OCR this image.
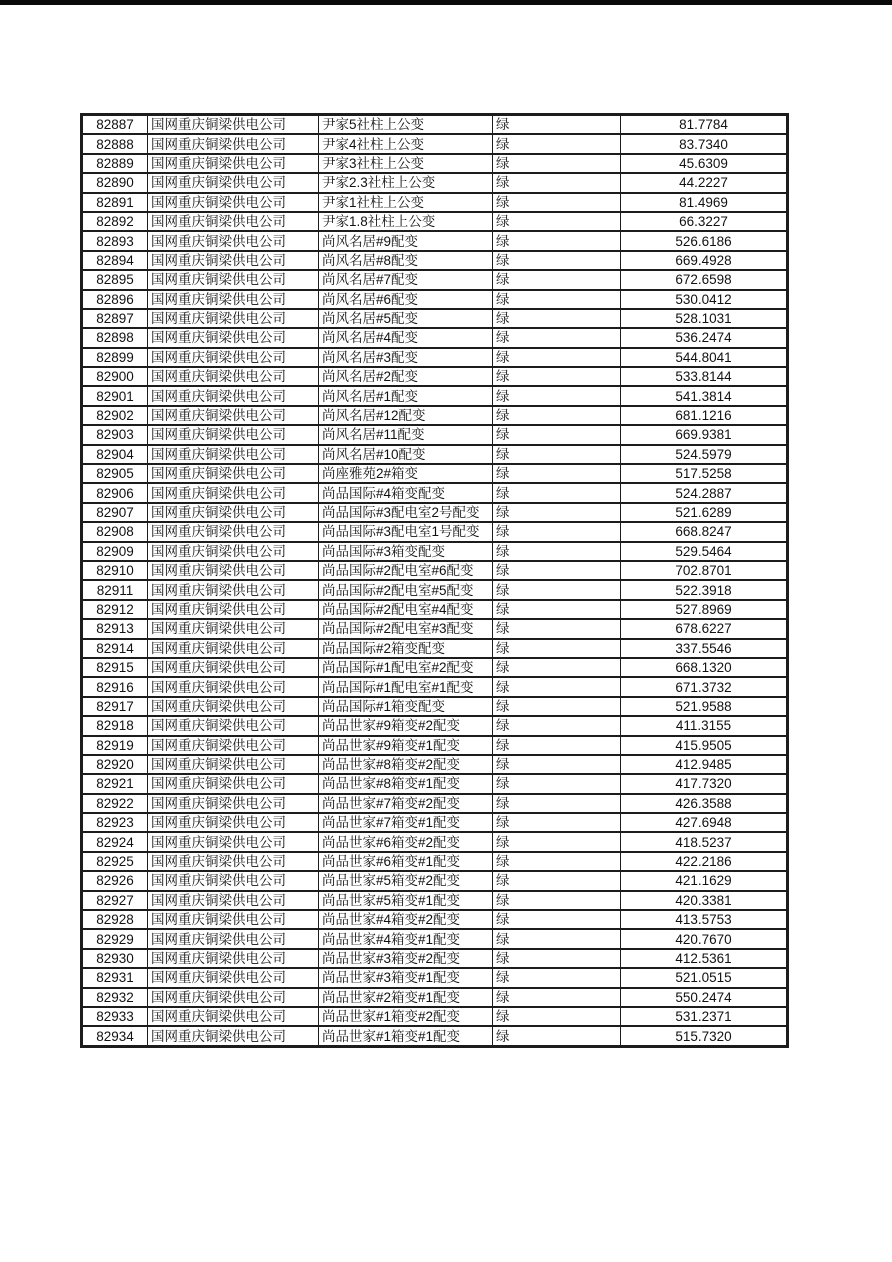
82887	国网重庆铜梁供电公司	尹家5社柱上公变	绿	81.7784
82888	国网重庆铜梁供电公司	尹家4社柱上公变	绿	83.7340
82889	国网重庆铜梁供电公司	尹家3社柱上公变	绿	45.6309
82890	国网重庆铜梁供电公司	尹家2.3社柱上公变	绿	44.2227
82891	国网重庆铜梁供电公司	尹家1社柱上公变	绿	81.4969
82892	国网重庆铜梁供电公司	尹家1.8社柱上公变	绿	66.3227
82893	国网重庆铜梁供电公司	尚风名居#9配变	绿	526.6186
82894	国网重庆铜梁供电公司	尚风名居#8配变	绿	669.4928
82895	国网重庆铜梁供电公司	尚风名居#7配变	绿	672.6598
82896	国网重庆铜梁供电公司	尚风名居#6配变	绿	530.0412
82897	国网重庆铜梁供电公司	尚风名居#5配变	绿	528.1031
82898	国网重庆铜梁供电公司	尚风名居#4配变	绿	536.2474
82899	国网重庆铜梁供电公司	尚风名居#3配变	绿	544.8041
82900	国网重庆铜梁供电公司	尚风名居#2配变	绿	533.8144
82901	国网重庆铜梁供电公司	尚风名居#1配变	绿	541.3814
82902	国网重庆铜梁供电公司	尚风名居#12配变	绿	681.1216
82903	国网重庆铜梁供电公司	尚风名居#11配变	绿	669.9381
82904	国网重庆铜梁供电公司	尚风名居#10配变	绿	524.5979
82905	国网重庆铜梁供电公司	尚座雅苑2#箱变	绿	517.5258
82906	国网重庆铜梁供电公司	尚品国际#4箱变配变	绿	524.2887
82907	国网重庆铜梁供电公司	尚品国际#3配电室2号配变	绿	521.6289
82908	国网重庆铜梁供电公司	尚品国际#3配电室1号配变	绿	668.8247
82909	国网重庆铜梁供电公司	尚品国际#3箱变配变	绿	529.5464
82910	国网重庆铜梁供电公司	尚品国际#2配电室#6配变	绿	702.8701
82911	国网重庆铜梁供电公司	尚品国际#2配电室#5配变	绿	522.3918
82912	国网重庆铜梁供电公司	尚品国际#2配电室#4配变	绿	527.8969
82913	国网重庆铜梁供电公司	尚品国际#2配电室#3配变	绿	678.6227
82914	国网重庆铜梁供电公司	尚品国际#2箱变配变	绿	337.5546
82915	国网重庆铜梁供电公司	尚品国际#1配电室#2配变	绿	668.1320
82916	国网重庆铜梁供电公司	尚品国际#1配电室#1配变	绿	671.3732
82917	国网重庆铜梁供电公司	尚品国际#1箱变配变	绿	521.9588
82918	国网重庆铜梁供电公司	尚品世家#9箱变#2配变	绿	411.3155
82919	国网重庆铜梁供电公司	尚品世家#9箱变#1配变	绿	415.9505
82920	国网重庆铜梁供电公司	尚品世家#8箱变#2配变	绿	412.9485
82921	国网重庆铜梁供电公司	尚品世家#8箱变#1配变	绿	417.7320
82922	国网重庆铜梁供电公司	尚品世家#7箱变#2配变	绿	426.3588
82923	国网重庆铜梁供电公司	尚品世家#7箱变#1配变	绿	427.6948
82924	国网重庆铜梁供电公司	尚品世家#6箱变#2配变	绿	418.5237
82925	国网重庆铜梁供电公司	尚品世家#6箱变#1配变	绿	422.2186
82926	国网重庆铜梁供电公司	尚品世家#5箱变#2配变	绿	421.1629
82927	国网重庆铜梁供电公司	尚品世家#5箱变#1配变	绿	420.3381
82928	国网重庆铜梁供电公司	尚品世家#4箱变#2配变	绿	413.5753
82929	国网重庆铜梁供电公司	尚品世家#4箱变#1配变	绿	420.7670
82930	国网重庆铜梁供电公司	尚品世家#3箱变#2配变	绿	412.5361
82931	国网重庆铜梁供电公司	尚品世家#3箱变#1配变	绿	521.0515
82932	国网重庆铜梁供电公司	尚品世家#2箱变#1配变	绿	550.2474
82933	国网重庆铜梁供电公司	尚品世家#1箱变#2配变	绿	531.2371
82934	国网重庆铜梁供电公司	尚品世家#1箱变#1配变	绿	515.7320
